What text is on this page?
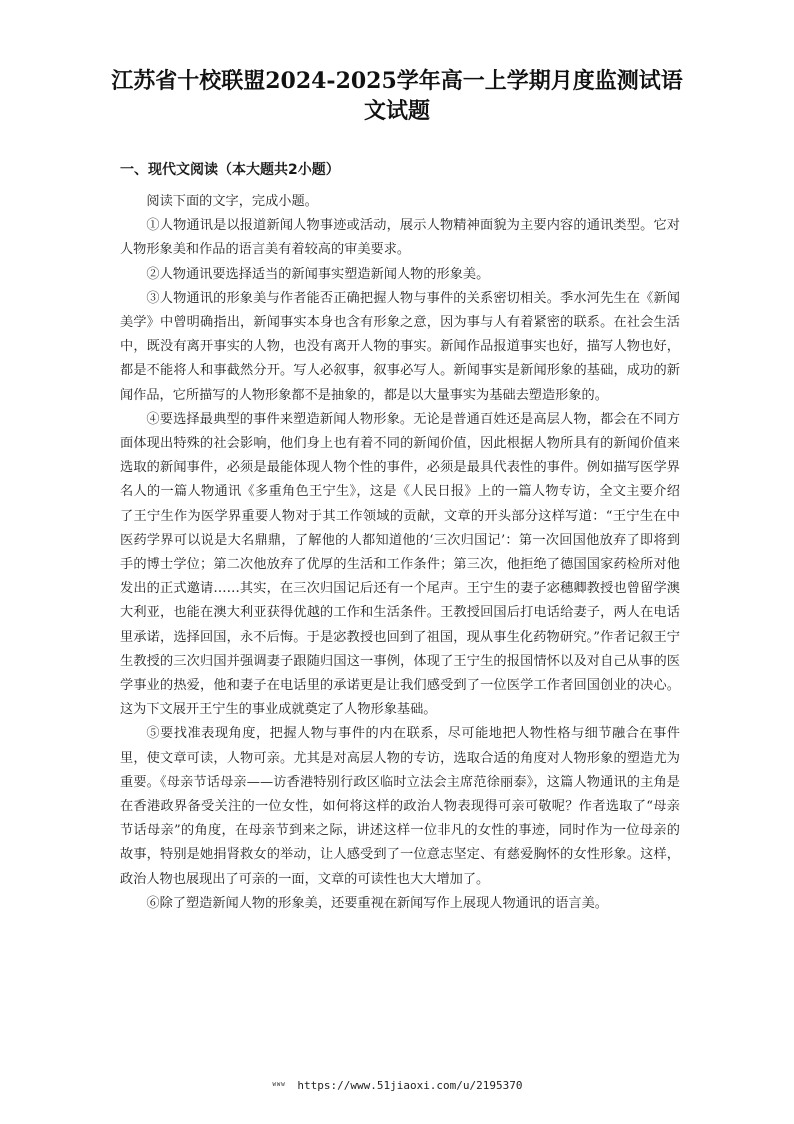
江苏省十校联盟2024-2025学年高一上学期月度监测试语
文试题
一、现代文阅读（本大题共2小题）

阅读下面的文字，完成小题。

①人物通讯是以报道新闻人物事迹或活动，展示人物精神面貌为主要内容的通讯类型。它对人物形象美和作品的语言美有着较高的审美要求。

②人物通讯要选择适当的新闻事实塑造新闻人物的形象美。

③人物通讯的形象美与作者能否正确把握人物与事件的关系密切相关。季水河先生在《新闻美学》中曾明确指出，新闻事实本身也含有形象之意，因为事与人有着紧密的联系。在社会生活中，既没有离开事实的人物，也没有离开人物的事实。新闻作品报道事实也好，描写人物也好，都是不能将人和事截然分开。写人必叙事，叙事必写人。新闻事实是新闻形象的基础，成功的新闻作品，它所描写的人物形象都不是抽象的，都是以大量事实为基础去塑造形象的。

④要选择最典型的事件来塑造新闻人物形象。无论是普通百姓还是高层人物，都会在不同方面体现出特殊的社会影响，他们身上也有着不同的新闻价值，因此根据人物所具有的新闻价值来选取的新闻事件，必须是最能体现人物个性的事件，必须是最具代表性的事件。例如描写医学界名人的一篇人物通讯《多重角色王宁生》，这是《人民日报》上的一篇人物专访，全文主要介绍了王宁生作为医学界重要人物对于其工作领域的贡献，文章的开头部分这样写道：“王宁生在中医药学界可以说是大名鼎鼎，了解他的人都知道他的‘三次归国记’：第一次回国他放弃了即将到手的博士学位；第二次他放弃了优厚的生活和工作条件；第三次，他拒绝了德国国家药检所对他发出的正式邀请……其实，在三次归国记后还有一个尾声。王宁生的妻子宓穗卿教授也曾留学澳大利亚，也能在澳大利亚获得优越的工作和生活条件。王教授回国后打电话给妻子，两人在电话里承诺，选择回国，永不后悔。于是宓教授也回到了祖国，现从事生化药物研究。”作者记叙王宁生教授的三次归国并强调妻子跟随归国这一事例，体现了王宁生的报国情怀以及对自己从事的医学事业的热爱，他和妻子在电话里的承诺更是让我们感受到了一位医学工作者回国创业的决心。这为下文展开王宁生的事业成就奠定了人物形象基础。

⑤要找准表现角度，把握人物与事件的内在联系，尽可能地把人物性格与细节融合在事件里，使文章可读，人物可亲。尤其是对高层人物的专访，选取合适的角度对人物形象的塑造尤为重要。《母亲节话母亲——访香港特别行政区临时立法会主席范徐丽泰》，这篇人物通讯的主角是在香港政界备受关注的一位女性，如何将这样的政治人物表现得可亲可敬呢？作者选取了“母亲节话母亲”的角度，在母亲节到来之际，讲述这样一位非凡的女性的事迹，同时作为一位母亲的故事，特别是她捐肾救女的举动，让人感受到了一位意志坚定、有慈爱胸怀的女性形象。这样，政治人物也展现出了可亲的一面，文章的可读性也大大增加了。

⑥除了塑造新闻人物的形象美，还要重视在新闻写作上展现人物通讯的语言美。

ᵂᵂᵂ https://www.51jiaoxi.com/u/2195370
